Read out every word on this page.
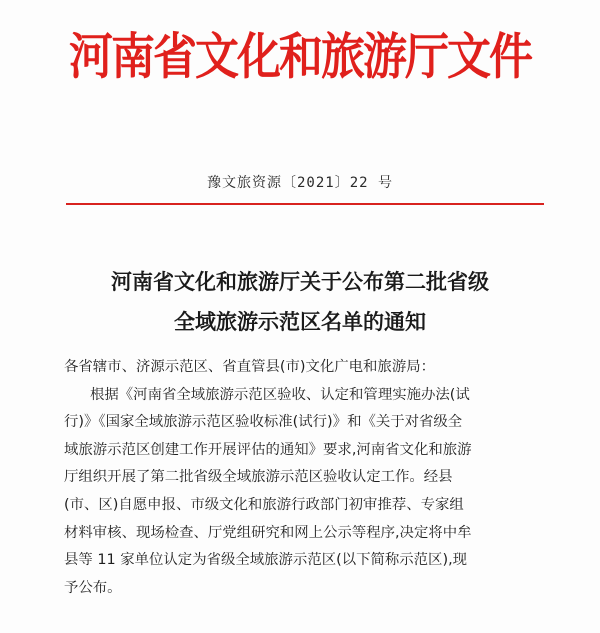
河南省文化和旅游厅文件
豫文旅资源〔2021〕22 号
河南省文化和旅游厅关于公布第二批省级
全域旅游示范区名单的通知
各省辖市、济源示范区、省直管县(市)文化广电和旅游局：
根据《河南省全域旅游示范区验收、认定和管理实施办法(试
行)》《国家全域旅游示范区验收标准(试行)》和《关于对省级全
域旅游示范区创建工作开展评估的通知》要求,河南省文化和旅游
厅组织开展了第二批省级全域旅游示范区验收认定工作。经县
(市、区)自愿申报、市级文化和旅游行政部门初审推荐、专家组
材料审核、现场检查、厅党组研究和网上公示等程序,决定将中牟
县等 11 家单位认定为省级全域旅游示范区(以下简称示范区),现
予公布。
